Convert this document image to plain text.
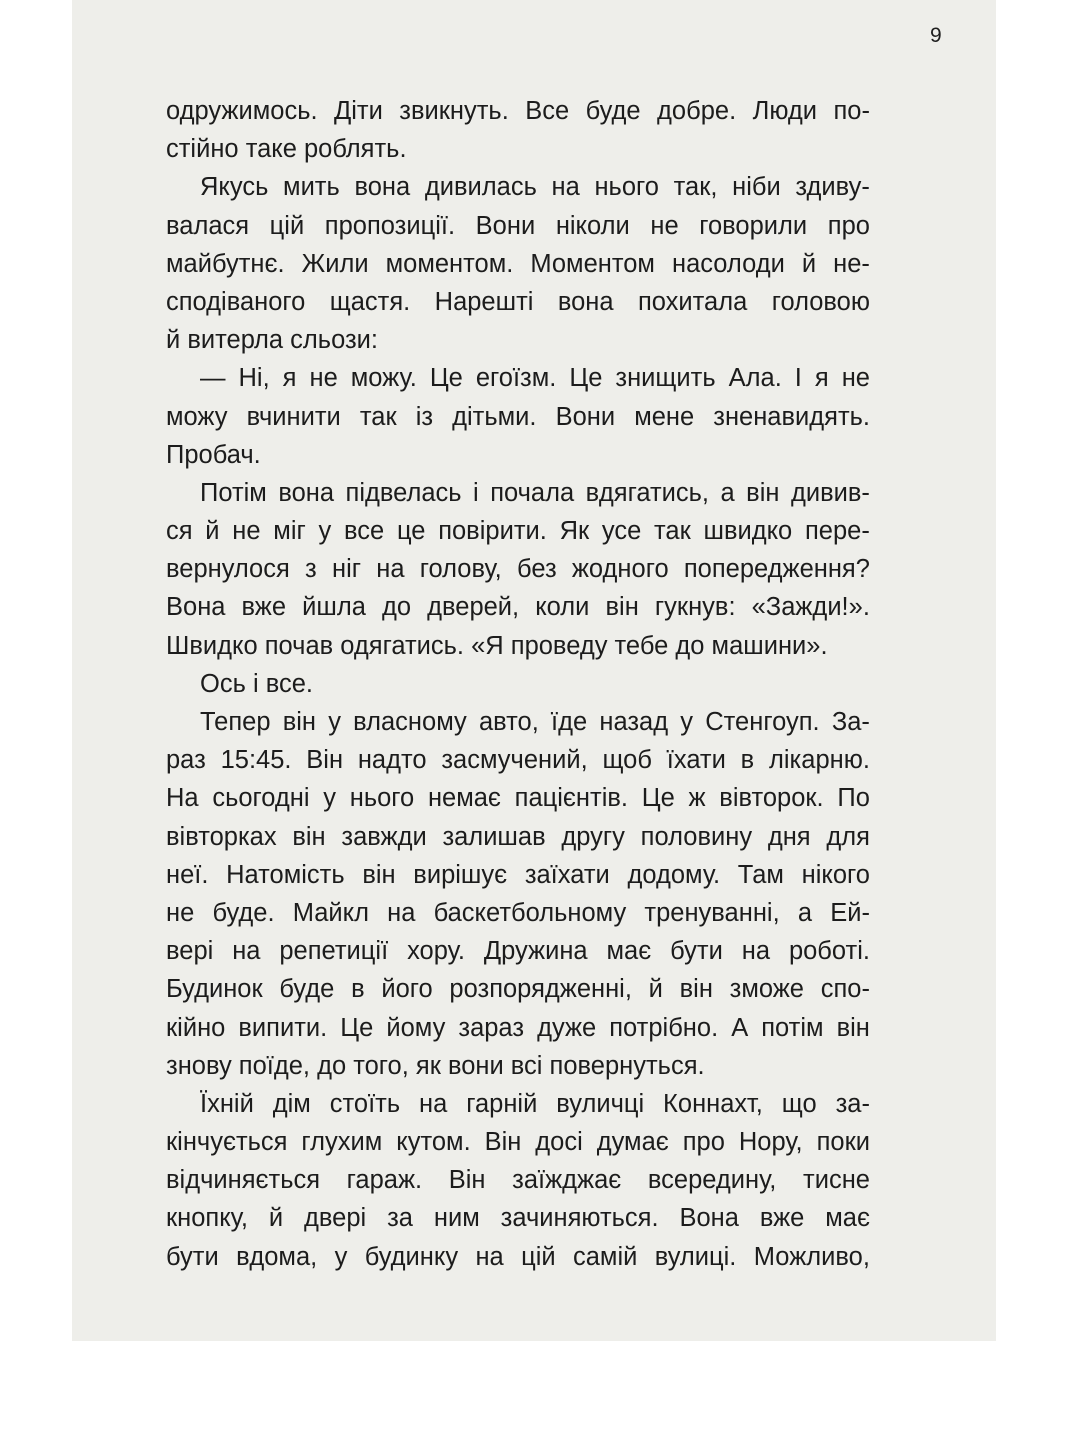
9
одружимось. Діти звикнуть. Все буде добре. Люди по-
стійно таке роблять.
Якусь мить вона дивилась на нього так, ніби здиву-
валася цій пропозиції. Вони ніколи не говорили про
майбутнє. Жили моментом. Моментом насолоди й не-
сподіваного щастя. Нарешті вона похитала головою
й витерла сльози:
— Ні, я не можу. Це егоїзм. Це знищить Ала. І я не
можу вчинити так із дітьми. Вони мене зненавидять.
Пробач.
Потім вона підвелась і почала вдягатись, а він дивив-
ся й не міг у все це повірити. Як усе так швидко пере-
вернулося з ніг на голову, без жодного попередження?
Вона вже йшла до дверей, коли він гукнув: «Зажди!».
Швидко почав одягатись. «Я проведу тебе до машини».
Ось і все.
Тепер він у власному авто, їде назад у Стенгоуп. За-
раз 15:45. Він надто засмучений, щоб їхати в лікарню.
На сьогодні у нього немає пацієнтів. Це ж вівторок. По
вівторках він завжди залишав другу половину дня для
неї. Натомість він вирішує заїхати додому. Там нікого
не буде. Майкл на баскетбольному тренуванні, а Ей-
вері на репетиції хору. Дружина має бути на роботі.
Будинок буде в його розпорядженні, й він зможе спо-
кійно випити. Це йому зараз дуже потрібно. А потім він
знову поїде, до того, як вони всі повернуться.
Їхній дім стоїть на гарній вуличці Коннахт, що за-
кінчується глухим кутом. Він досі думає про Нору, поки
відчиняється гараж. Він заїжджає всередину, тисне
кнопку, й двері за ним зачиняються. Вона вже має
бути вдома, у будинку на цій самій вулиці. Можливо,
